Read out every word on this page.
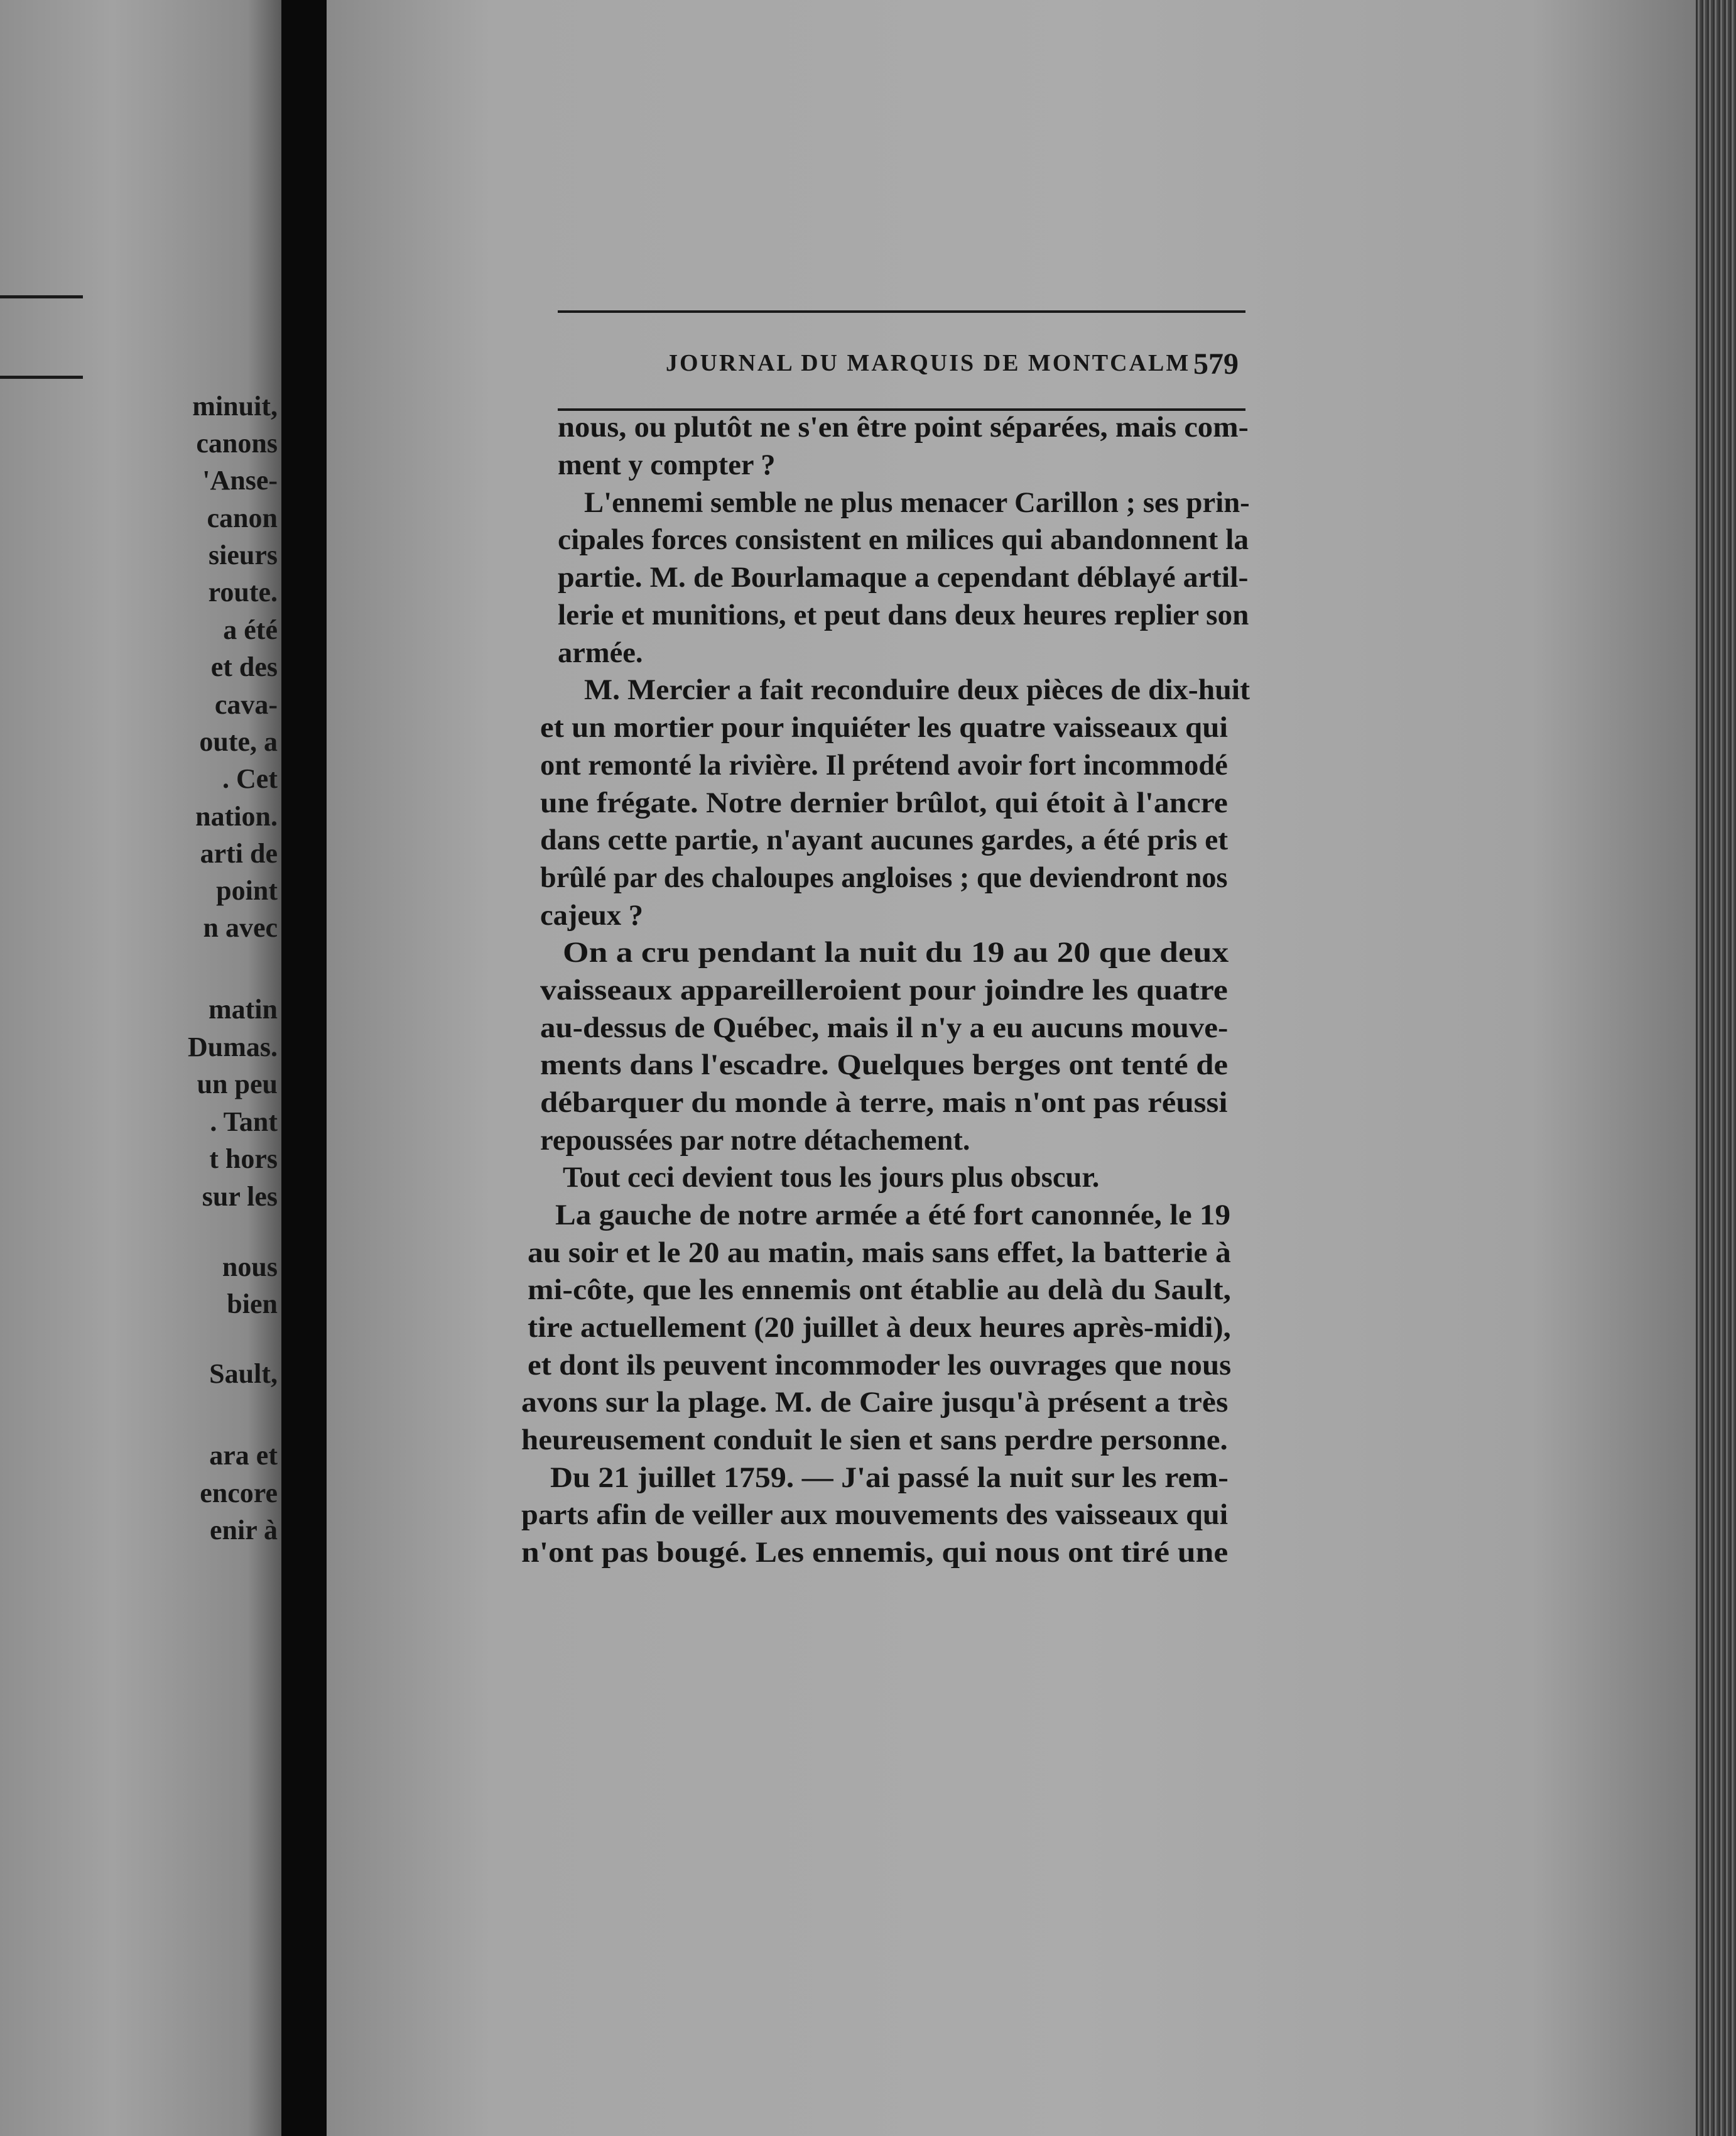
minuit,
canons
'Anse-
canon
sieurs
route.
a été
et des
cava-
oute, a
. Cet
nation.
arti de
point
n avec
matin
Dumas.
un peu
. Tant
t hors
sur les
nous
bien
Sault,
ara et
encore
enir à
JOURNAL DU MARQUIS DE MONTCALM 579
nous, ou plutôt ne s'en être point séparées, mais com-
ment y compter ?
L'ennemi semble ne plus menacer Carillon ; ses prin-
cipales forces consistent en milices qui abandonnent la
partie. M. de Bourlamaque a cependant déblayé artil-
lerie et munitions, et peut dans deux heures replier son
armée.
M. Mercier a fait reconduire deux pièces de dix-huit
et un mortier pour inquiéter les quatre vaisseaux qui
ont remonté la rivière. Il prétend avoir fort incommodé
une frégate. Notre dernier brûlot, qui étoit à l'ancre
dans cette partie, n'ayant aucunes gardes, a été pris et
brûlé par des chaloupes angloises ; que deviendront nos
cajeux ?
On a cru pendant la nuit du 19 au 20 que deux
vaisseaux appareilleroient pour joindre les quatre
au-dessus de Québec, mais il n'y a eu aucuns mouve-
ments dans l'escadre. Quelques berges ont tenté de
débarquer du monde à terre, mais n'ont pas réussi
repoussées par notre détachement.
Tout ceci devient tous les jours plus obscur.
La gauche de notre armée a été fort canonnée, le 19
au soir et le 20 au matin, mais sans effet, la batterie à
mi-côte, que les ennemis ont établie au delà du Sault,
tire actuellement (20 juillet à deux heures après-midi),
et dont ils peuvent incommoder les ouvrages que nous
avons sur la plage. M. de Caire jusqu'à présent a très
heureusement conduit le sien et sans perdre personne.
Du 21 juillet 1759. — J'ai passé la nuit sur les rem-
parts afin de veiller aux mouvements des vaisseaux qui
n'ont pas bougé. Les ennemis, qui nous ont tiré une
